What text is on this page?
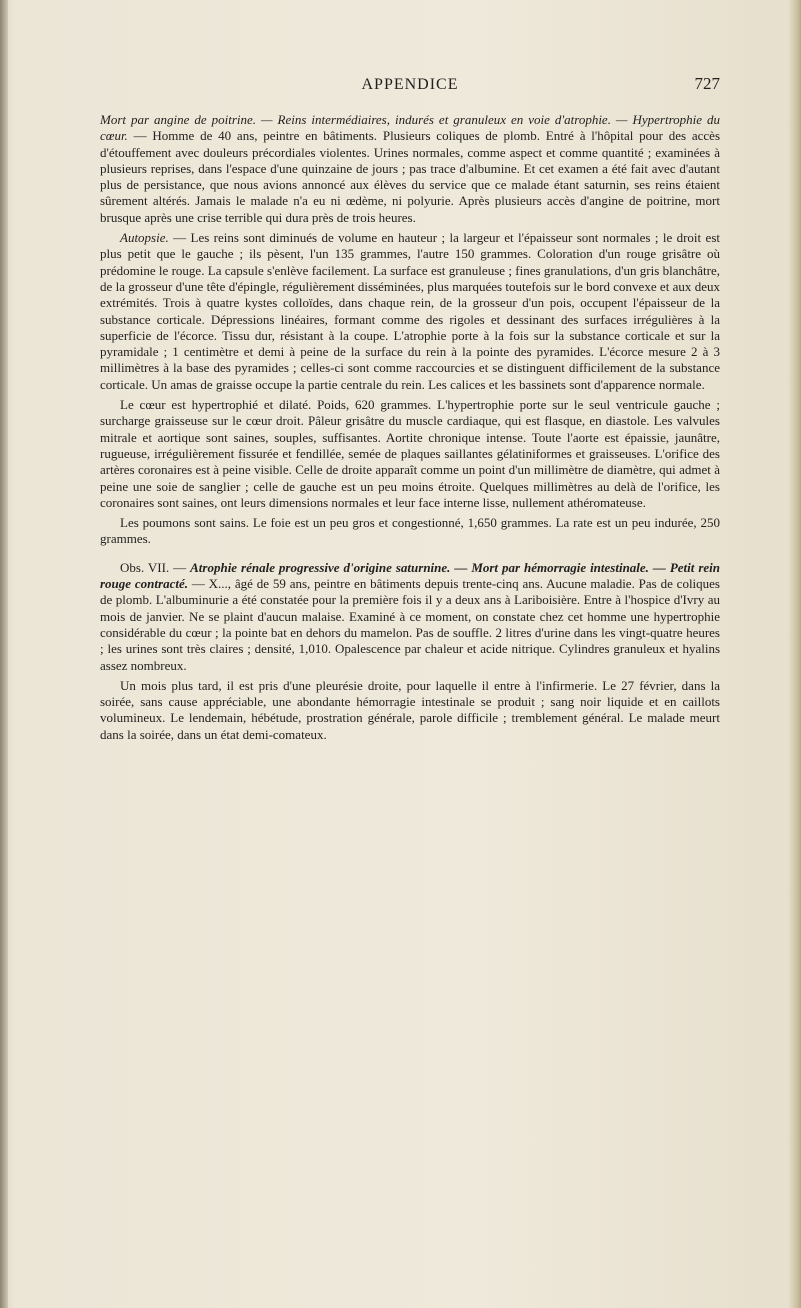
APPENDICE	727

Mort par angine de poitrine. — Reins intermédiaires, indurés et granuleux en voie d'atrophie. — Hypertrophie du cœur. — Homme de 40 ans, peintre en bâtiments. Plusieurs coliques de plomb. Entré à l'hôpital pour des accès d'étouffement avec douleurs précordiales violentes. Urines normales, comme aspect et comme quantité ; examinées à plusieurs reprises, dans l'espace d'une quinzaine de jours ; pas trace d'albumine. Et cet examen a été fait avec d'autant plus de persistance, que nous avions annoncé aux élèves du service que ce malade étant saturnin, ses reins étaient sûrement altérés. Jamais le malade n'a eu ni œdème, ni polyurie. Après plusieurs accès d'angine de poitrine, mort brusque après une crise terrible qui dura près de trois heures.

Autopsie. — Les reins sont diminués de volume en hauteur ; la largeur et l'épaisseur sont normales ; le droit est plus petit que le gauche ; ils pèsent, l'un 135 grammes, l'autre 150 grammes. Coloration d'un rouge grisâtre où prédomine le rouge. La capsule s'enlève facilement. La surface est granuleuse ; fines granulations, d'un gris blanchâtre, de la grosseur d'une tête d'épingle, régulièrement disséminées, plus marquées toutefois sur le bord convexe et aux deux extrémités. Trois à quatre kystes colloïdes, dans chaque rein, de la grosseur d'un pois, occupent l'épaisseur de la substance corticale. Dépressions linéaires, formant comme des rigoles et dessinant des surfaces irrégulières à la superficie de l'écorce. Tissu dur, résistant à la coupe. L'atrophie porte à la fois sur la substance corticale et sur la pyramidale ; 1 centimètre et demi à peine de la surface du rein à la pointe des pyramides. L'écorce mesure 2 à 3 millimètres à la base des pyramides ; celles-ci sont comme raccourcies et se distinguent difficilement de la substance corticale. Un amas de graisse occupe la partie centrale du rein. Les calices et les bassinets sont d'apparence normale.

Le cœur est hypertrophié et dilaté. Poids, 620 grammes. L'hypertrophie porte sur le seul ventricule gauche ; surcharge graisseuse sur le cœur droit. Pâleur grisâtre du muscle cardiaque, qui est flasque, en diastole. Les valvules mitrale et aortique sont saines, souples, suffisantes. Aortite chronique intense. Toute l'aorte est épaissie, jaunâtre, rugueuse, irrégulièrement fissurée et fendillée, semée de plaques saillantes gélatiniformes et graisseuses. L'orifice des artères coronaires est à peine visible. Celle de droite apparaît comme un point d'un millimètre de diamètre, qui admet à peine une soie de sanglier ; celle de gauche est un peu moins étroite. Quelques millimètres au delà de l'orifice, les coronaires sont saines, ont leurs dimensions normales et leur face interne lisse, nullement athéromateuse.

Les poumons sont sains. Le foie est un peu gros et congestionné, 1,650 grammes. La rate est un peu indurée, 250 grammes.

Obs. VII. — Atrophie rénale progressive d'origine saturnine. — Mort par hémorragie intestinale. — Petit rein rouge contracté. — X..., âgé de 59 ans, peintre en bâtiments depuis trente-cinq ans. Aucune maladie. Pas de coliques de plomb. L'albuminurie a été constatée pour la première fois il y a deux ans à Lariboisière. Entre à l'hospice d'Ivry au mois de janvier. Ne se plaint d'aucun malaise. Examiné à ce moment, on constate chez cet homme une hypertrophie considérable du cœur ; la pointe bat en dehors du mamelon. Pas de souffle. 2 litres d'urine dans les vingt-quatre heures ; les urines sont très claires ; densité, 1,010. Opalescence par chaleur et acide nitrique. Cylindres granuleux et hyalins assez nombreux.

Un mois plus tard, il est pris d'une pleurésie droite, pour laquelle il entre à l'infirmerie. Le 27 février, dans la soirée, sans cause appréciable, une abondante hémorragie intestinale se produit ; sang noir liquide et en caillots volumineux. Le lendemain, hébétude, prostration générale, parole difficile ; tremblement général. Le malade meurt dans la soirée, dans un état demi-comateux.
